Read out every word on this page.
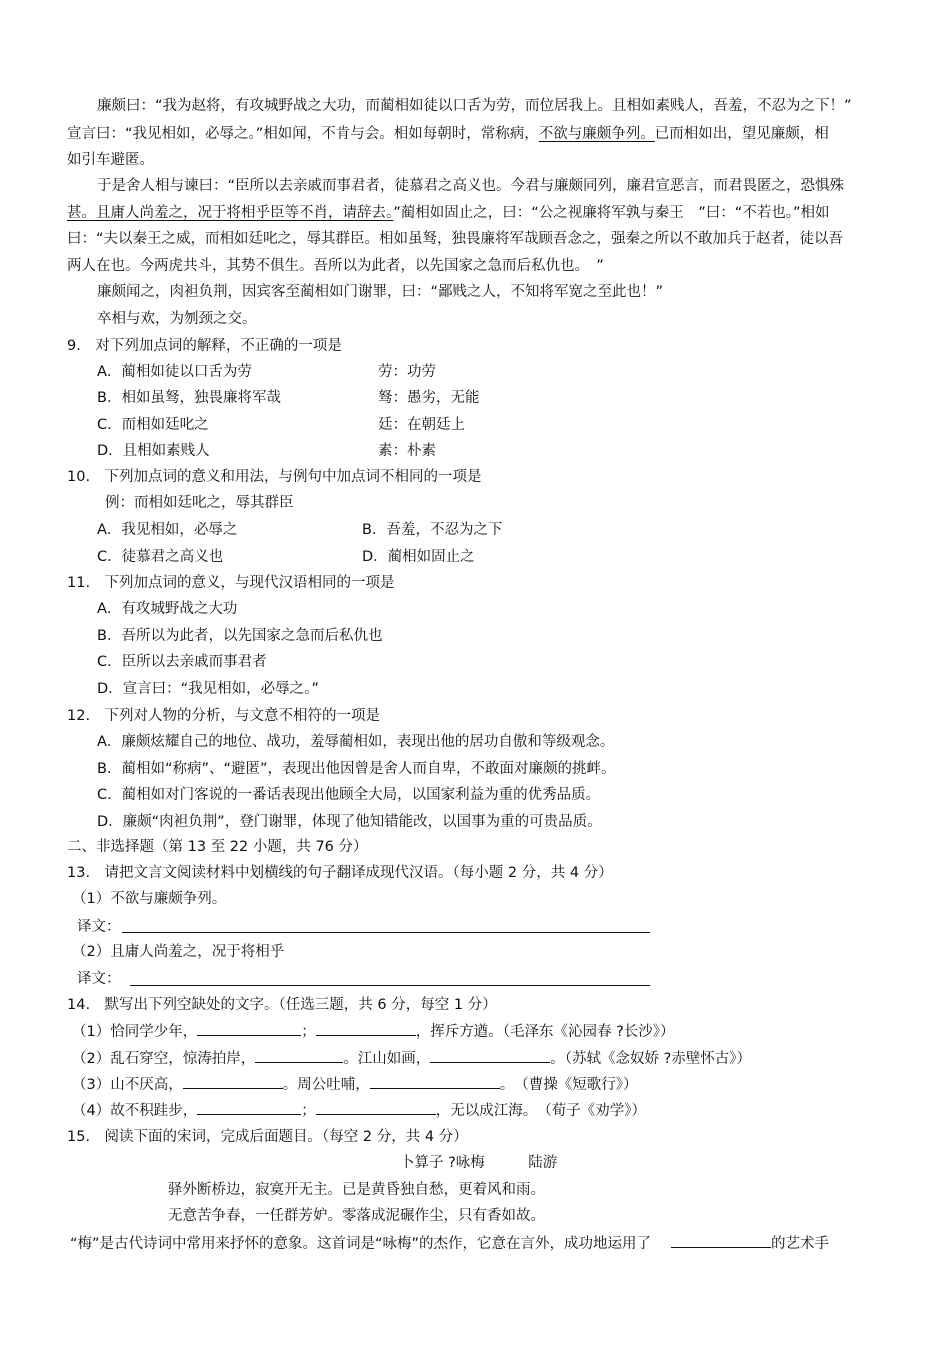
廉颇曰：“我为赵将，有攻城野战之大功，而蔺相如徒以口舌为劳，而位居我上。且相如素贱人，吾羞，不忍为之下！”
宣言曰：“我见相如，必辱之。”相如闻，不肯与会。相如每朝时，常称病，不欲与廉颇争列。已而相如出，望见廉颇，相
如引车避匿。
于是舍人相与谏曰：“臣所以去亲戚而事君者，徒慕君之高义也。今君与廉颇同列，廉君宣恶言，而君畏匿之，恐惧殊
甚。且庸人尚羞之，况于将相乎臣等不肖，请辞去。”蔺相如固止之，曰：“公之视廉将军孰与秦王　”曰：“不若也。”相如
曰：“夫以秦王之威，而相如廷叱之，辱其群臣。相如虽驽，独畏廉将军哉顾吾念之，强秦之所以不敢加兵于赵者，徒以吾
两人在也。今两虎共斗，其势不俱生。吾所以为此者，以先国家之急而后私仇也。　”
廉颇闻之，肉袒负荆，因宾客至蔺相如门谢罪，曰：“鄙贱之人，不知将军宽之至此也！”
卒相与欢，为刎颈之交。
9.　对下列加点词的解释，不正确的一项是
A．蔺相如徒以口舌为劳	劳：功劳
B．相如虽驽，独畏廉将军哉	驽：愚劣，无能
C．而相如廷叱之	廷：在朝廷上
D．且相如素贱人	素：朴素
10.　下列加点词的意义和用法，与例句中加点词不相同的一项是
例：而相如廷叱之，辱其群臣
A．我见相如，必辱之	B．吾羞，不忍为之下
C．徒慕君之高义也	D．蔺相如固止之
11.　下列加点词的意义，与现代汉语相同的一项是
A．有攻城野战之大功
B．吾所以为此者，以先国家之急而后私仇也
C．臣所以去亲戚而事君者
D．宣言曰：“我见相如，必辱之。”
12.　下列对人物的分析，与文意不相符的一项是
A．廉颇炫耀自己的地位、战功，羞辱蔺相如，表现出他的居功自傲和等级观念。
B．蔺相如“称病”、“避匿”，表现出他因曾是舍人而自卑，不敢面对廉颇的挑衅。
C．蔺相如对门客说的一番话表现出他顾全大局，以国家利益为重的优秀品质。
D．廉颇“肉袒负荆”，登门谢罪，体现了他知错能改，以国事为重的可贵品质。
二、非选择题（第 13 至 22 小题，共 76 分）
13.　请把文言文阅读材料中划横线的句子翻译成现代汉语。（每小题 2 分，共 4 分）
（1）不欲与廉颇争列。
译文：
（2）且庸人尚羞之，况于将相乎
译文：
14.　默写出下列空缺处的文字。（任选三题，共 6 分，每空 1 分）
（1）恰同学少年，	；	，挥斥方遒。（毛泽东《沁园春 ?长沙》）
（2）乱石穿空，惊涛拍岸，	。江山如画，	。（苏轼《念奴娇 ?赤壁怀古》）
（3）山不厌高，	。周公吐哺，	。　（曹操《短歌行》）
（4）故不积跬步，	；	，无以成江海。　（荀子《劝学》）
15.　阅读下面的宋词，完成后面题目。（每空 2 分，共 4 分）
卜算子 ?咏梅　　　陆游
驿外断桥边，寂寞开无主。已是黄昏独自愁，更着风和雨。
无意苦争春，一任群芳妒。零落成泥碾作尘，只有香如故。
“梅”是古代诗词中常用来抒怀的意象。这首词是“咏梅”的杰作，它意在言外，成功地运用了	的艺术手
